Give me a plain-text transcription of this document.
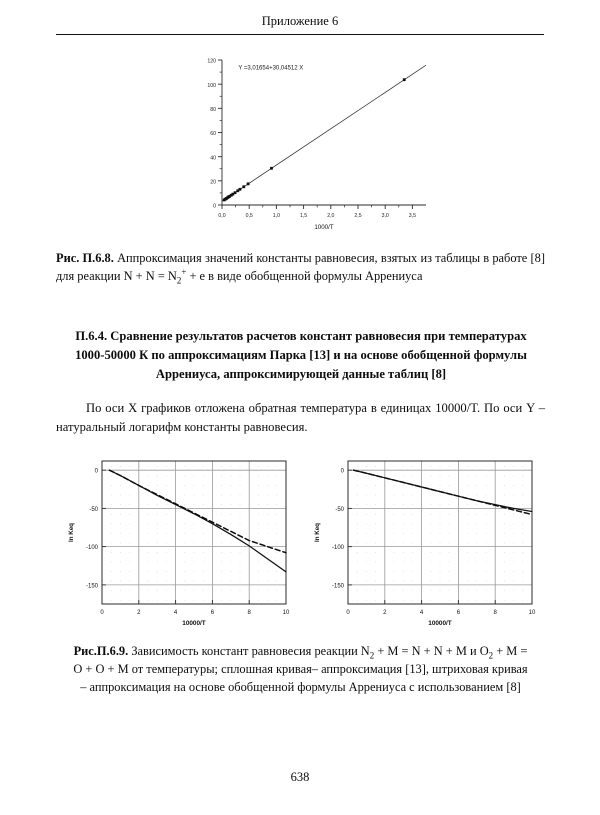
Приложение 6
0
20
40
60
80
100
120
0,0	0,5	1,0	1,5	2,0	2,5	3,0	3,5
1000/T
Y =3,01654+30,04512 X
Рис. П.6.8. Аппроксимация значений константы равновесия, взятых из таблицы в работе [8] для реакции $N + N = N_2^+ + е$ в виде обобщенной формулы Аррениуса
П.6.4. Сравнение результатов расчетов констант равновесия при температурах 1000-50000 К по аппроксимациям Парка [13] и на основе обобщенной формулы Аррениуса, аппроксимирующей данные таблиц [8]
По оси X графиков отложена обратная температура в единицах 10000/T. По оси Y – натуральный логарифм константы равновесия.
0	2	4	6	8	10
0
-50
-100
-150
10000/T
ln Keq
0	2	4	6	8	10
0
-50
-100
-150
10000/T
ln Keq
Рис.П.6.9. Зависимость констант равновесия реакции $N_2 + M = N + N + M$ и $O_2 + M$ =
O + O + M от температуры; сплошная кривая– аппроксимация [13], штриховая кривая
– аппроксимация на основе обобщенной формулы Аррениуса с использованием [8]
638
